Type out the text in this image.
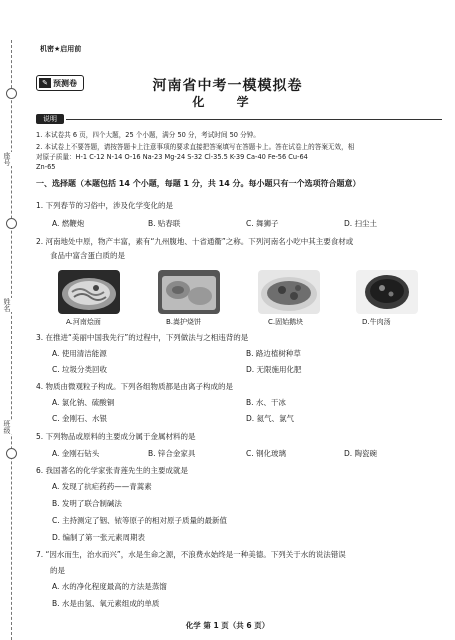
座号
姓名
班级
机密★启用前
✎ 预测卷	河南省中考一模模拟卷
化 学
说明
1. 本试卷共 6 页，四个大题，25 个小题，满分 50 分，考试时间 50 分钟。
2. 本试卷上不要答题，请按答题卡上注意事项的要求直接把答案填写在答题卡上。答在试卷上的答案无效，相
对原子质量：H-1 C-12 N-14 O-16 Na-23 Mg-24 S-32 Cl-35.5 K-39 Ca-40 Fe-56 Cu-64
Zn-65
一、选择题（本题包括 14 个小题，每题 1 分，共 14 分。每小题只有一个选项符合题意）
1. 下列春节的习俗中，涉及化学变化的是
A. 燃鞭炮	B. 贴春联	C. 舞狮子	D. 扫尘土
2. 河南地处中原，物产丰富，素有“九州腹地、十省通衢”之称。下列河南名小吃中其主要食材或
食品中富含蛋白质的是
A.河南烩面	B.嵩护烧饼	C.固始鹅块	D.牛肉汤
3. 在推进“美丽中国我先行”的过程中，下列做法与之相违背的是
A. 使用清洁能源	B. 路边植树种草
C. 垃圾分类回收	D. 无限施用化肥
4. 物质由微观粒子构成。下列各组物质都是由离子构成的是
A. 氯化钠、硫酸铜	B. 水、干冰
C. 金刚石、水银	D. 氦气、氯气
5. 下列物品或原料的主要成分属于金属材料的是
A. 金刚石钻头	B. 锌合金家具	C. 钢化玻璃	D. 陶瓷碗
6. 我国著名的化学家张青莲先生的主要成就是
A. 发现了抗疟药药——青蒿素
B. 发明了联合制碱法
C. 主持测定了铟、铱等原子的相对原子质量的最新值
D. 编制了第一张元素周期表
7. “因水而生，治水而兴”，水是生命之源，不浪费水始终是一种美德。下列关于水的说法错误
的是
A. 水的净化程度最高的方法是蒸馏
B. 水是由氢、氧元素组成的单质
化学 第 1 页（共 6 页）
